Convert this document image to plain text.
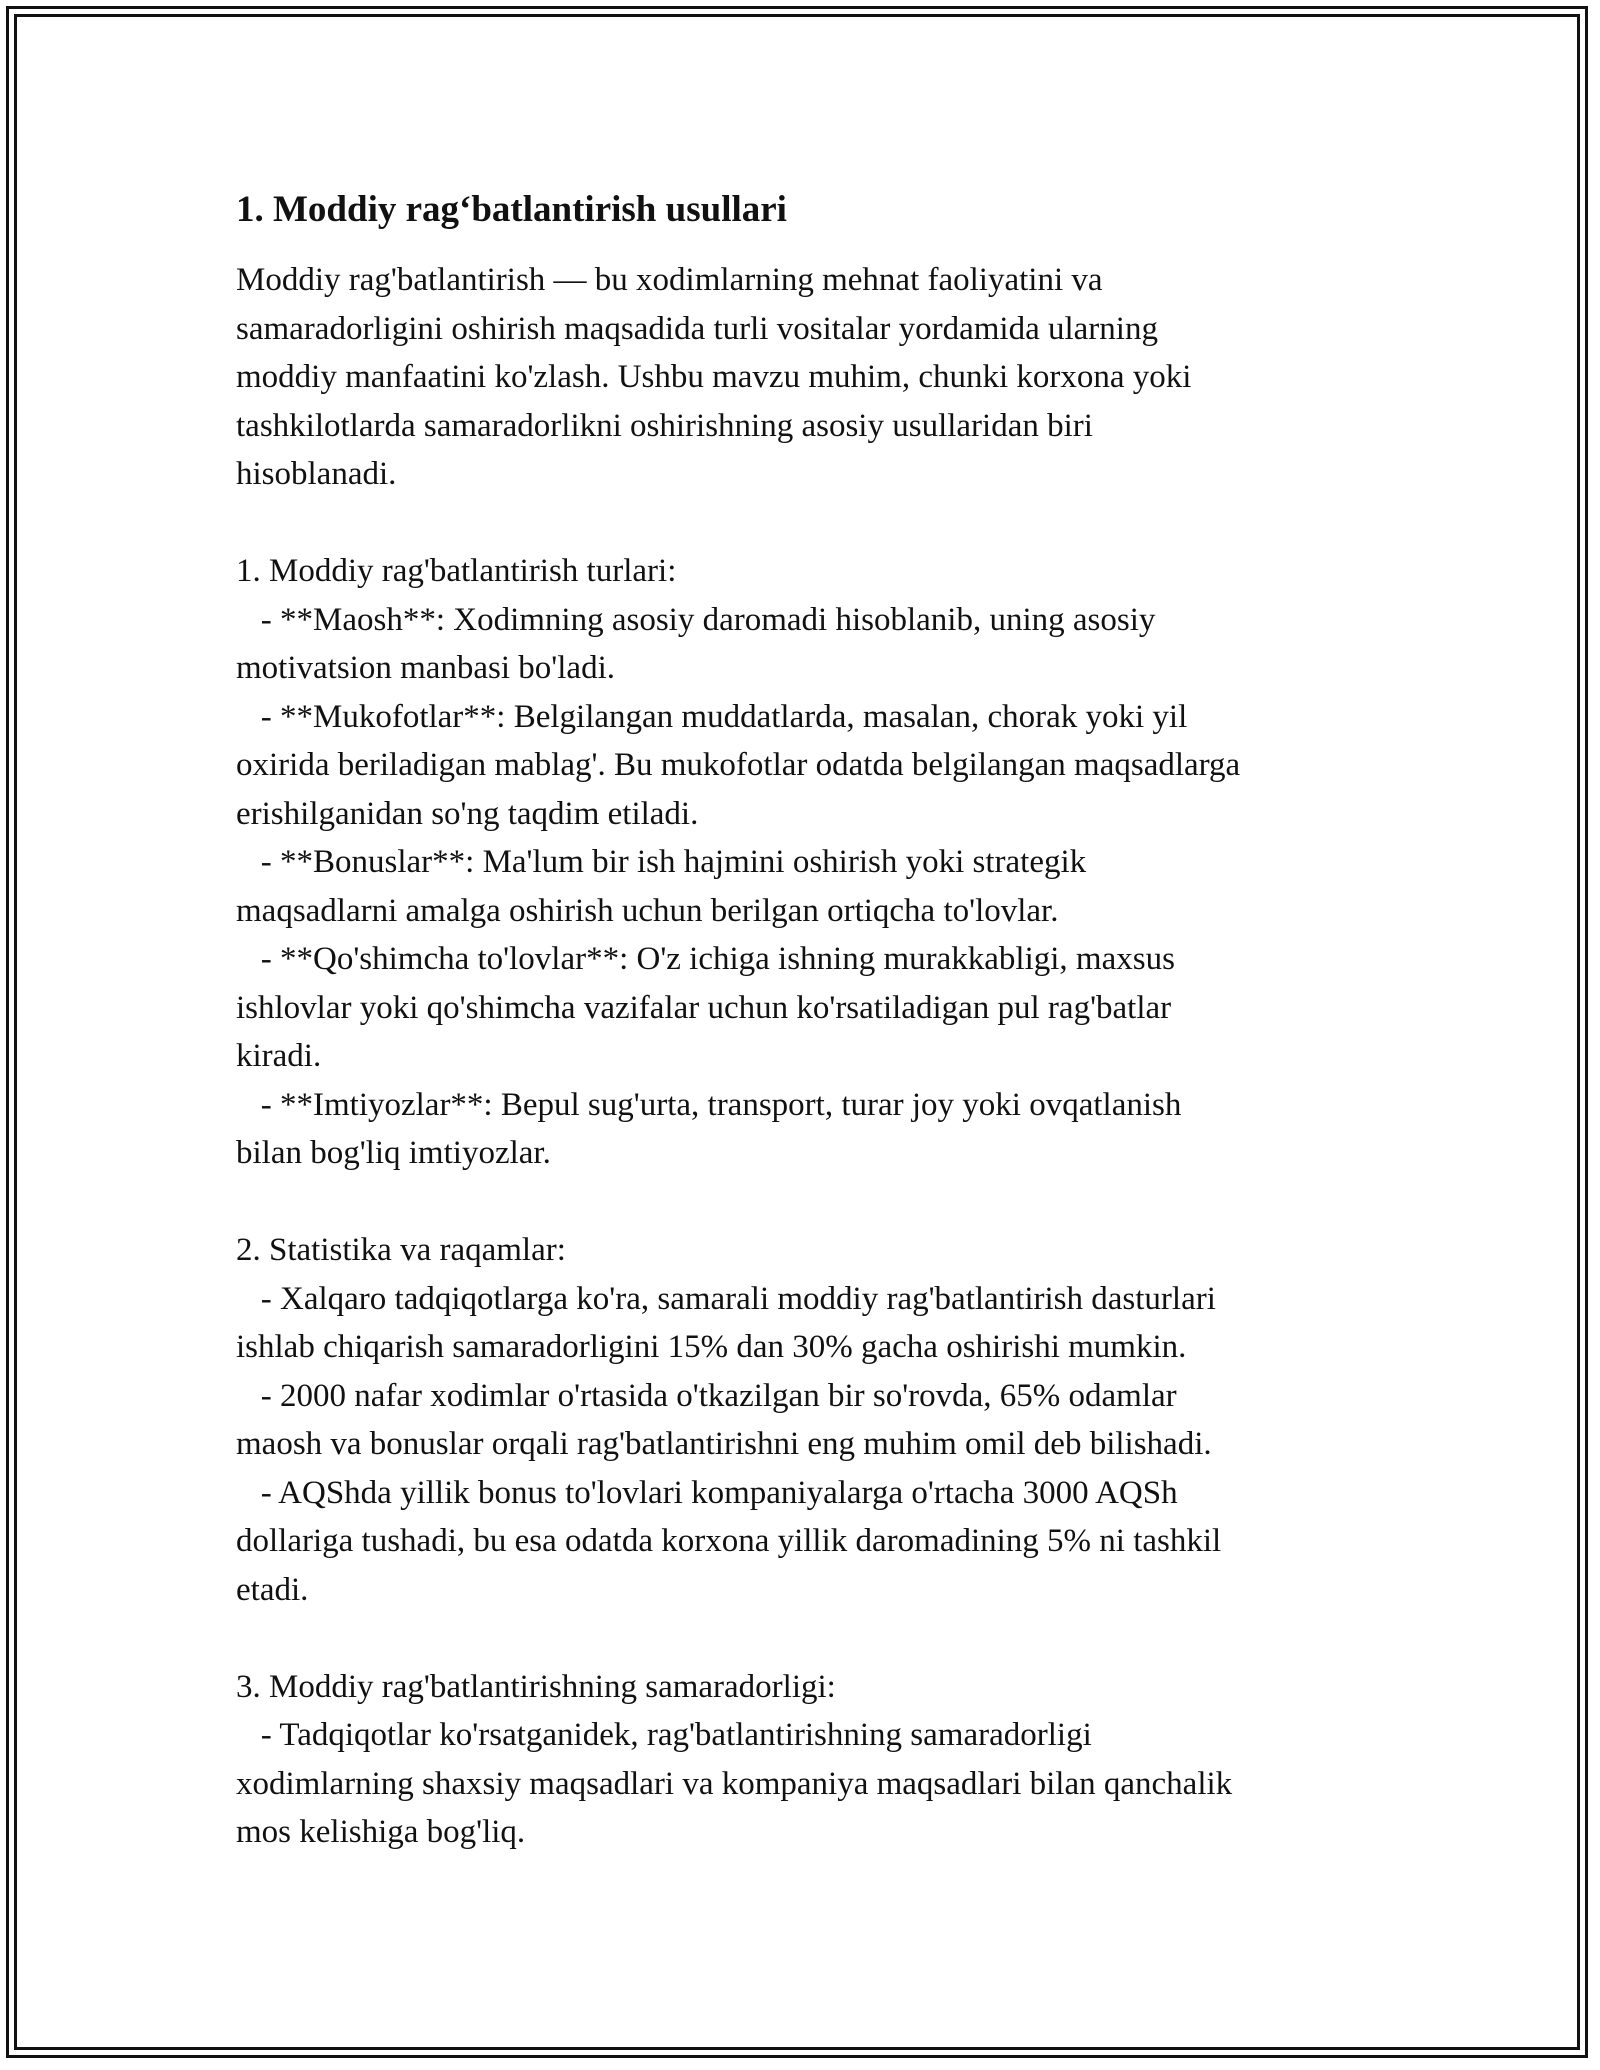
1. Moddiy rag‘batlantirish usullari

Moddiy rag'batlantirish — bu xodimlarning mehnat faoliyatini va
samaradorligini oshirish maqsadida turli vositalar yordamida ularning
moddiy manfaatini ko'zlash. Ushbu mavzu muhim, chunki korxona yoki
tashkilotlarda samaradorlikni oshirishning asosiy usullaridan biri
hisoblanadi.

1. Moddiy rag'batlantirish turlari:
- **Maosh**: Xodimning asosiy daromadi hisoblanib, uning asosiy
motivatsion manbasi bo'ladi.
- **Mukofotlar**: Belgilangan muddatlarda, masalan, chorak yoki yil
oxirida beriladigan mablag'. Bu mukofotlar odatda belgilangan maqsadlarga
erishilganidan so'ng taqdim etiladi.
- **Bonuslar**: Ma'lum bir ish hajmini oshirish yoki strategik
maqsadlarni amalga oshirish uchun berilgan ortiqcha to'lovlar.
- **Qo'shimcha to'lovlar**: O'z ichiga ishning murakkabligi, maxsus
ishlovlar yoki qo'shimcha vazifalar uchun ko'rsatiladigan pul rag'batlar
kiradi.
- **Imtiyozlar**: Bepul sug'urta, transport, turar joy yoki ovqatlanish
bilan bog'liq imtiyozlar.
2. Statistika va raqamlar:
- Xalqaro tadqiqotlarga ko'ra, samarali moddiy rag'batlantirish dasturlari
ishlab chiqarish samaradorligini 15% dan 30% gacha oshirishi mumkin.
- 2000 nafar xodimlar o'rtasida o'tkazilgan bir so'rovda, 65% odamlar
maosh va bonuslar orqali rag'batlantirishni eng muhim omil deb bilishadi.
- AQShda yillik bonus to'lovlari kompaniyalarga o'rtacha 3000 AQSh
dollariga tushadi, bu esa odatda korxona yillik daromadining 5% ni tashkil
etadi.
3. Moddiy rag'batlantirishning samaradorligi:
- Tadqiqotlar ko'rsatganidek, rag'batlantirishning samaradorligi
xodimlarning shaxsiy maqsadlari va kompaniya maqsadlari bilan qanchalik
mos kelishiga bog'liq.
